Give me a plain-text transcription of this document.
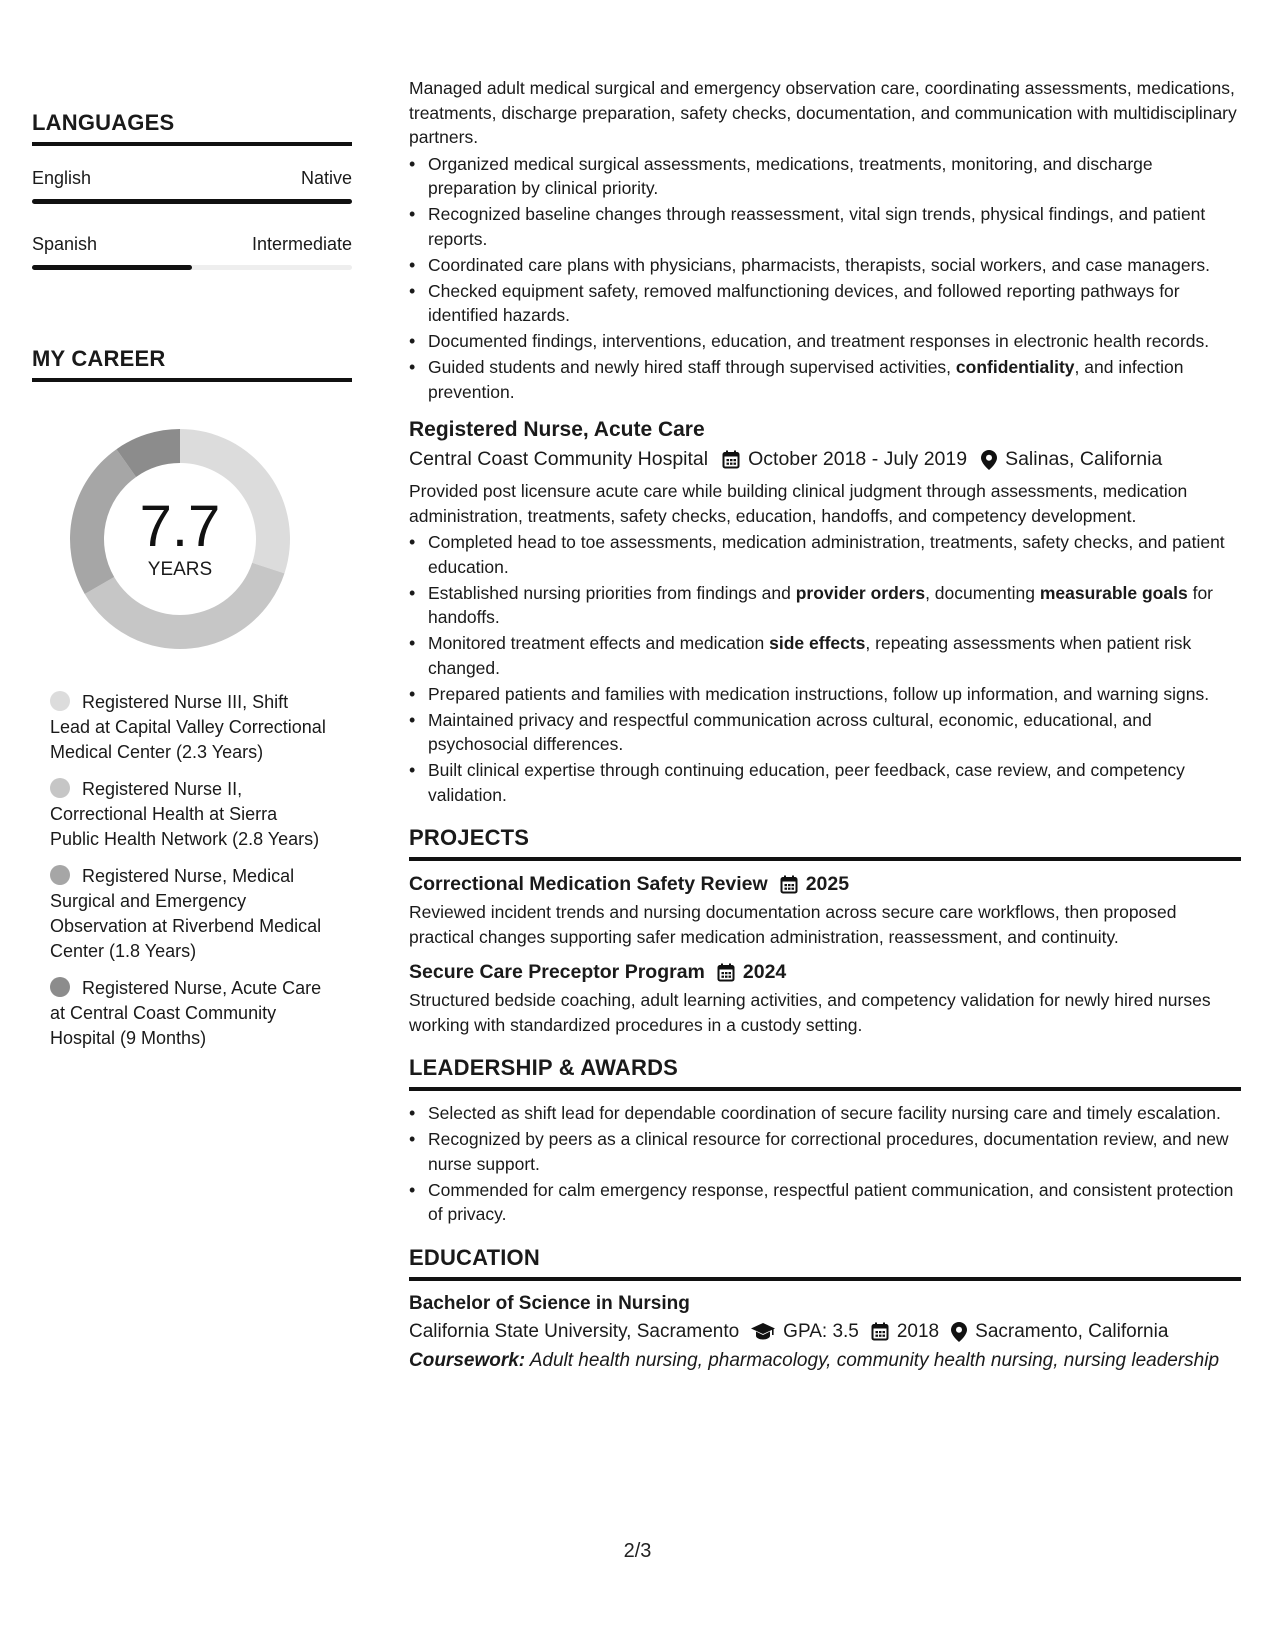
LANGUAGES
English	Native
Spanish	Intermediate
MY CAREER
7.7
YEARS
Registered Nurse III, Shift Lead at Capital Valley Correctional Medical Center (2.3 Years)
Registered Nurse II, Correctional Health at Sierra Public Health Network (2.8 Years)
Registered Nurse, Medical Surgical and Emergency Observation at Riverbend Medical Center (1.8 Years)
Registered Nurse, Acute Care at Central Coast Community Hospital (9 Months)
Managed adult medical surgical and emergency observation care, coordinating assessments, medications, treatments, discharge preparation, safety checks, documentation, and communication with multidisciplinary partners.
• Organized medical surgical assessments, medications, treatments, monitoring, and discharge preparation by clinical priority.
• Recognized baseline changes through reassessment, vital sign trends, physical findings, and patient reports.
• Coordinated care plans with physicians, pharmacists, therapists, social workers, and case managers.
• Checked equipment safety, removed malfunctioning devices, and followed reporting pathways for identified hazards.
• Documented findings, interventions, education, and treatment responses in electronic health records.
• Guided students and newly hired staff through supervised activities, confidentiality, and infection prevention.
Registered Nurse, Acute Care
Central Coast Community Hospital October 2018 - July 2019 Salinas, California
Provided post licensure acute care while building clinical judgment through assessments, medication administration, treatments, safety checks, education, handoffs, and competency development.
• Completed head to toe assessments, medication administration, treatments, safety checks, and patient education.
• Established nursing priorities from findings and provider orders, documenting measurable goals for handoffs.
• Monitored treatment effects and medication side effects, repeating assessments when patient risk changed.
• Prepared patients and families with medication instructions, follow up information, and warning signs.
• Maintained privacy and respectful communication across cultural, economic, educational, and psychosocial differences.
• Built clinical expertise through continuing education, peer feedback, case review, and competency validation.
PROJECTS
Correctional Medication Safety Review 2025
Reviewed incident trends and nursing documentation across secure care workflows, then proposed practical changes supporting safer medication administration, reassessment, and continuity.
Secure Care Preceptor Program 2024
Structured bedside coaching, adult learning activities, and competency validation for newly hired nurses working with standardized procedures in a custody setting.
LEADERSHIP & AWARDS
• Selected as shift lead for dependable coordination of secure facility nursing care and timely escalation.
• Recognized by peers as a clinical resource for correctional procedures, documentation review, and new nurse support.
• Commended for calm emergency response, respectful patient communication, and consistent protection of privacy.
EDUCATION
Bachelor of Science in Nursing
California State University, Sacramento GPA: 3.5 2018 Sacramento, California
Coursework: Adult health nursing, pharmacology, community health nursing, nursing leadership
2/3
